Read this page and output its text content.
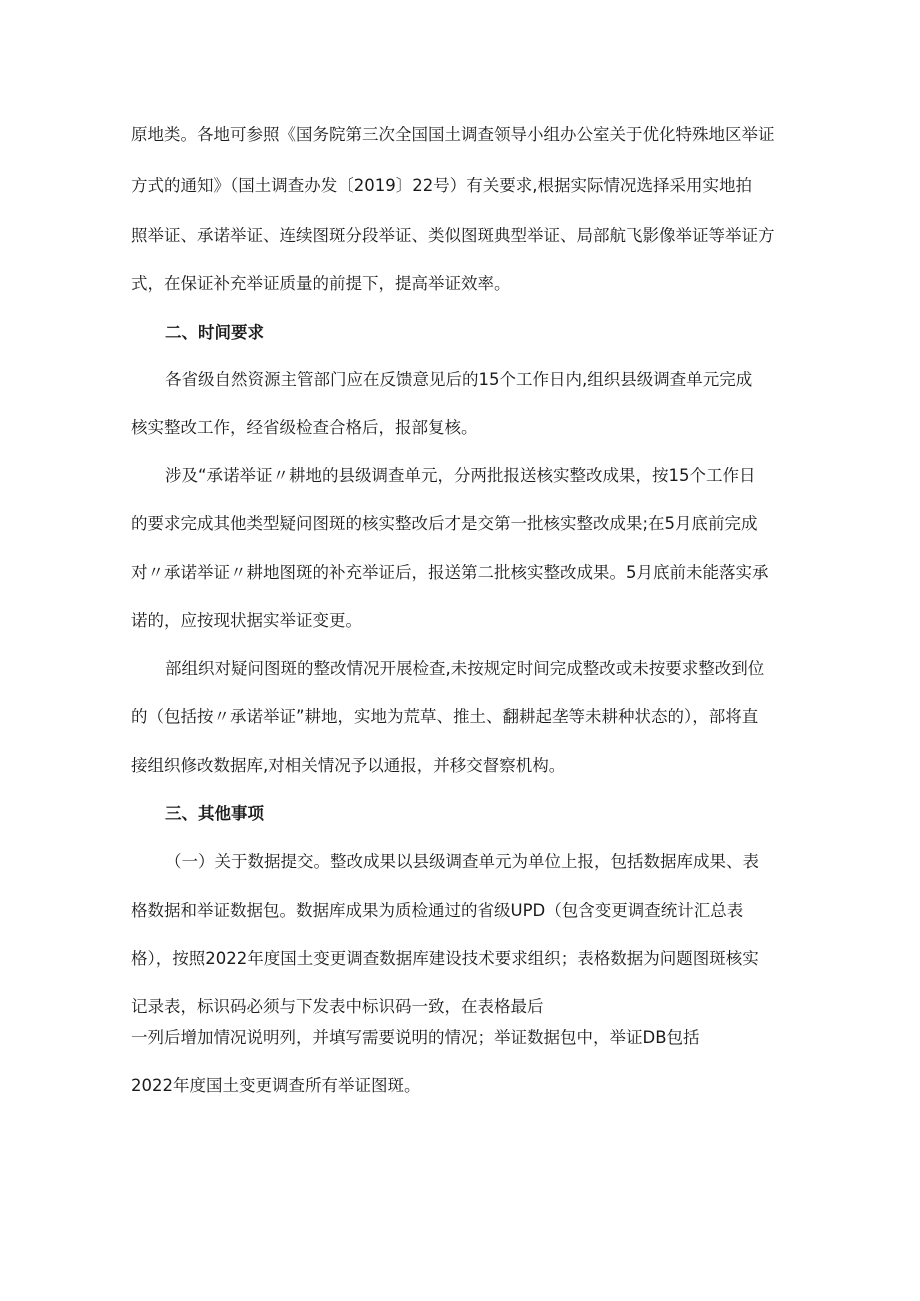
原地类。各地可参照《国务院第三次全国国土调查领导小组办公室关于优化特殊地区举证
方式的通知》（国土调查办发〔2019〕22号）有关要求,根据实际情况选择采用实地拍
照举证、承诺举证、连续图斑分段举证、类似图斑典型举证、局部航飞影像举证等举证方
式，在保证补充举证质量的前提下，提高举证效率。
二、时间要求
各省级自然资源主管部门应在反馈意见后的15个工作日内,组织县级调查单元完成
核实整改工作，经省级检查合格后，报部复核。
涉及“承诺举证〃耕地的县级调查单元，分两批报送核实整改成果，按15个工作日
的要求完成其他类型疑问图斑的核实整改后才是交第一批核实整改成果;在5月底前完成
对〃承诺举证〃耕地图斑的补充举证后，报送第二批核实整改成果。5月底前未能落实承
诺的，应按现状据实举证变更。
部组织对疑问图斑的整改情况开展检查,未按规定时间完成整改或未按要求整改到位
的（包括按〃承诺举证”耕地，实地为荒草、推土、翻耕起垄等未耕种状态的），部将直
接组织修改数据库,对相关情况予以通报，并移交督察机构。
三、其他事项
（一）关于数据提交。整改成果以县级调查单元为单位上报，包括数据库成果、表
格数据和举证数据包。数据库成果为质检通过的省级UPD（包含变更调查统计汇总表
格），按照2022年度国土变更调查数据库建设技术要求组织；表格数据为问题图斑核实
记录表，标识码必须与下发表中标识码一致，在表格最后
一列后增加情况说明列，并填写需要说明的情况；举证数据包中，举证DB包括
2022年度国土变更调查所有举证图斑。
